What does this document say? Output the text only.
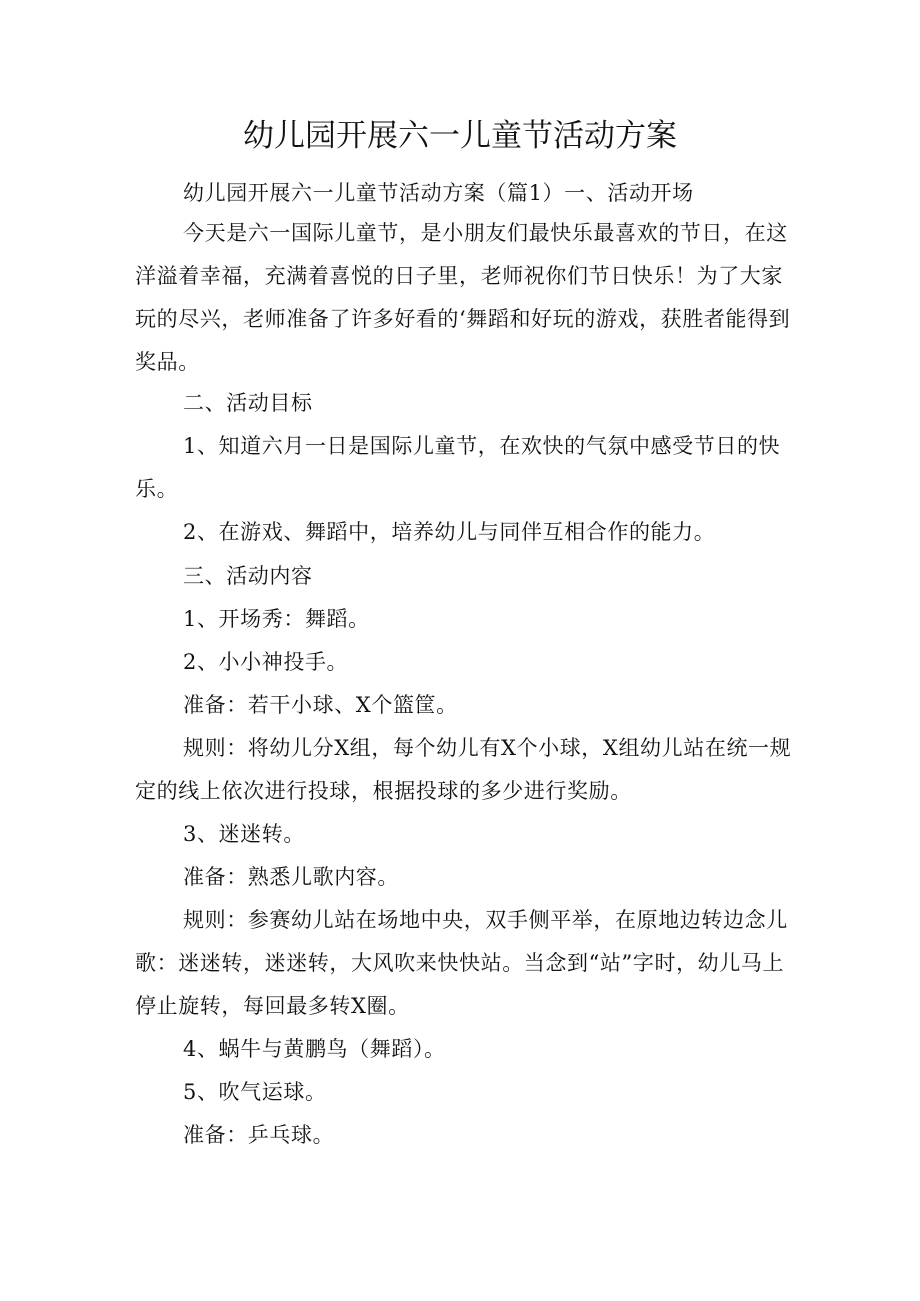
幼儿园开展六一儿童节活动方案

幼儿园开展六一儿童节活动方案（篇1）一、活动开场

今天是六一国际儿童节，是小朋友们最快乐最喜欢的节日，在这洋溢着幸福，充满着喜悦的日子里，老师祝你们节日快乐！为了大家玩的尽兴，老师准备了许多好看的‘舞蹈和好玩的游戏，获胜者能得到奖品。

二、活动目标

1、知道六月一日是国际儿童节，在欢快的气氛中感受节日的快乐。

2、在游戏、舞蹈中，培养幼儿与同伴互相合作的能力。

三、活动内容

1、开场秀：舞蹈。

2、小小神投手。

准备：若干小球、X个篮筐。

规则：将幼儿分X组，每个幼儿有X个小球，X组幼儿站在统一规定的线上依次进行投球，根据投球的多少进行奖励。

3、迷迷转。

准备：熟悉儿歌内容。

规则：参赛幼儿站在场地中央，双手侧平举，在原地边转边念儿歌：迷迷转，迷迷转，大风吹来快快站。当念到“站”字时，幼儿马上停止旋转，每回最多转X圈。

4、蜗牛与黄鹏鸟（舞蹈）。

5、吹气运球。

准备：乒乓球。
